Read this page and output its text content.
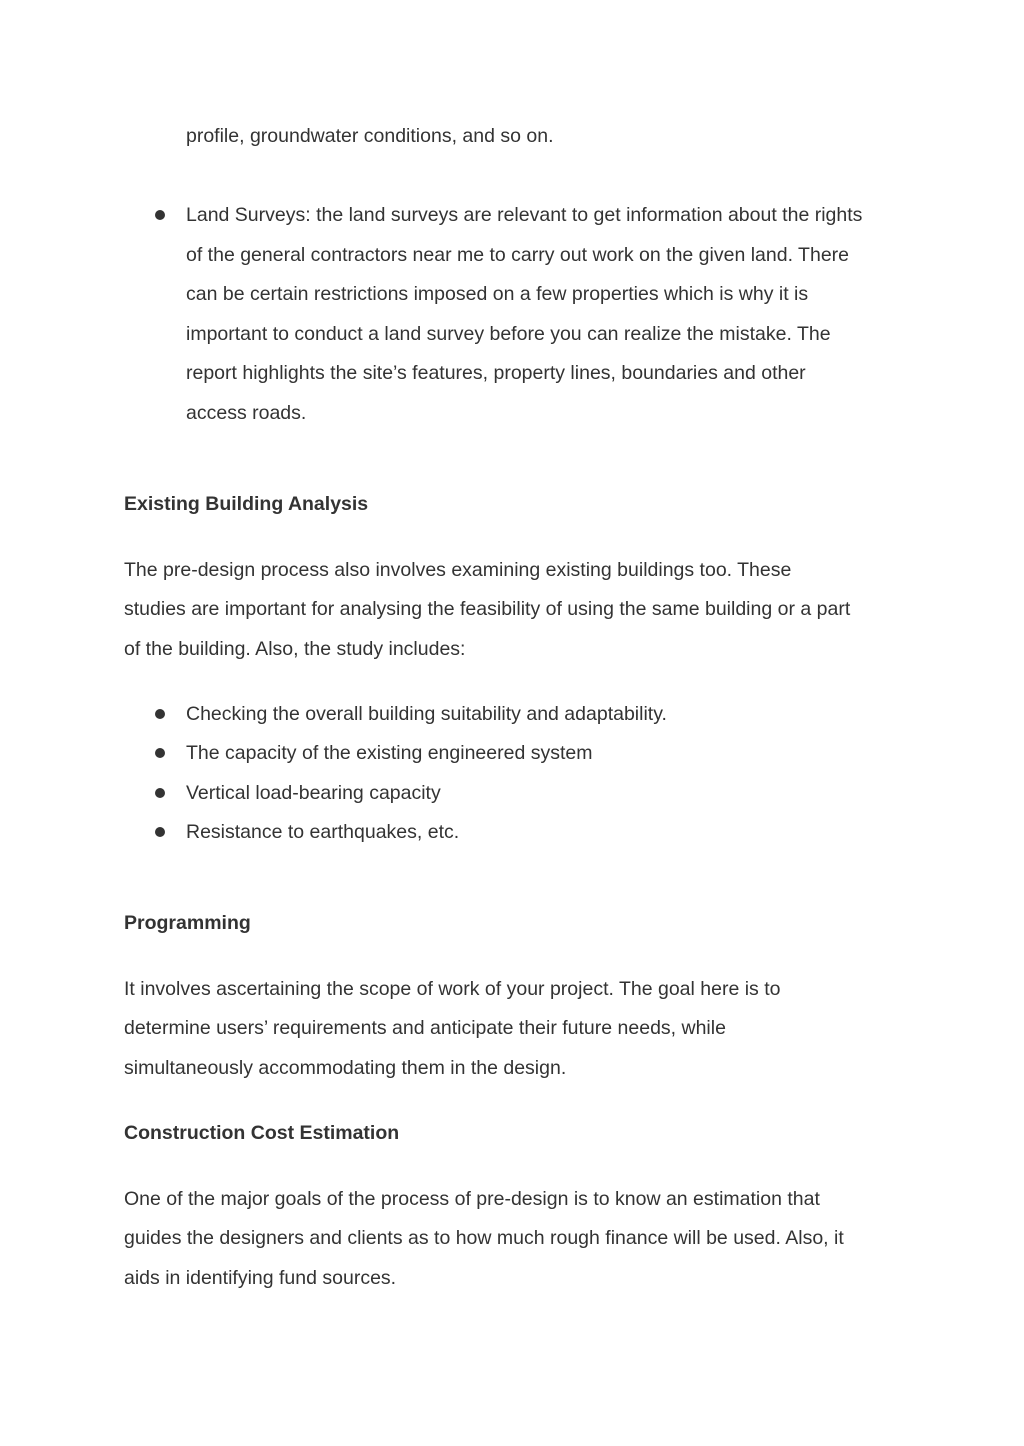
profile, groundwater conditions, and so on.
Land Surveys: the land surveys are relevant to get information about the rights
of the general contractors near me to carry out work on the given land. There
can be certain restrictions imposed on a few properties which is why it is
important to conduct a land survey before you can realize the mistake. The
report highlights the site’s features, property lines, boundaries and other
access roads.
Existing Building Analysis
The pre-design process also involves examining existing buildings too. These
studies are important for analysing the feasibility of using the same building or a part
of the building. Also, the study includes:
Checking the overall building suitability and adaptability.
The capacity of the existing engineered system
Vertical load-bearing capacity
Resistance to earthquakes, etc.
Programming
It involves ascertaining the scope of work of your project. The goal here is to
determine users’ requirements and anticipate their future needs, while
simultaneously accommodating them in the design.
Construction Cost Estimation
One of the major goals of the process of pre-design is to know an estimation that
guides the designers and clients as to how much rough finance will be used. Also, it
aids in identifying fund sources.
